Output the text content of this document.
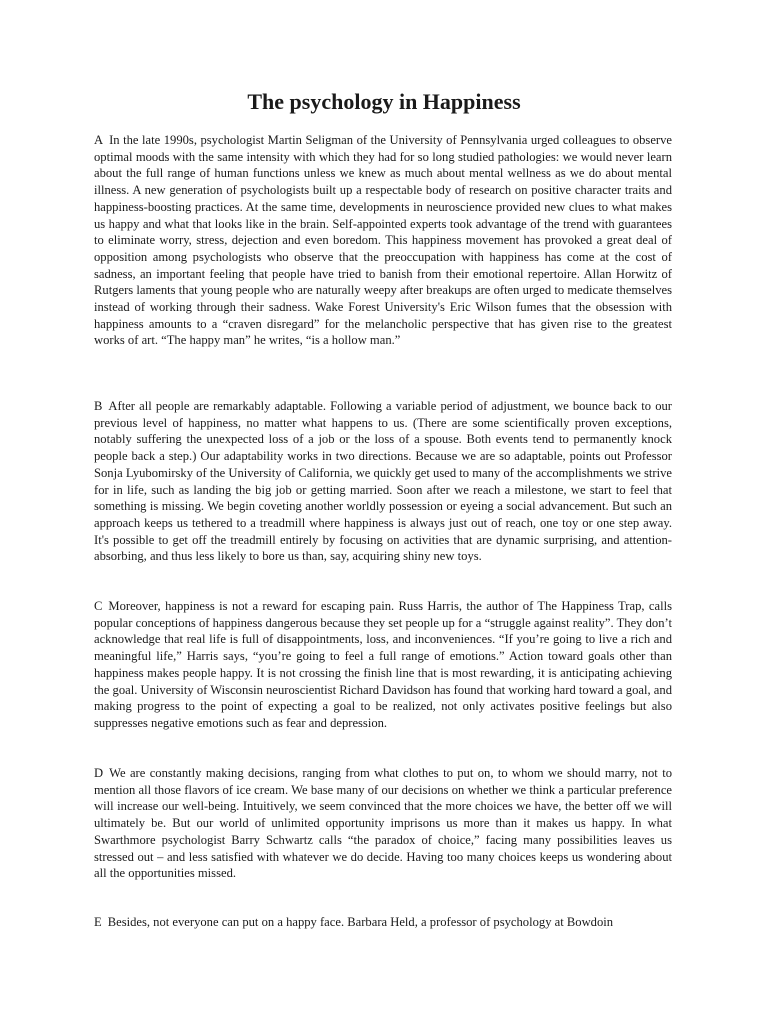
The psychology in Happiness

A In the late 1990s, psychologist Martin Seligman of the University of Pennsylvania urged colleagues to observe optimal moods with the same intensity with which they had for so long studied pathologies: we would never learn about the full range of human functions unless we knew as much about mental wellness as we do about mental illness. A new generation of psychologists built up a respectable body of research on positive character traits and happiness-boosting practices. At the same time, developments in neuroscience provided new clues to what makes us happy and what that looks like in the brain. Self-appointed experts took advantage of the trend with guarantees to eliminate worry, stress, dejection and even boredom. This happiness movement has provoked a great deal of opposition among psychologists who observe that the preoccupation with happiness has come at the cost of sadness, an important feeling that people have tried to banish from their emotional repertoire. Allan Horwitz of Rutgers laments that young people who are naturally weepy after breakups are often urged to medicate themselves instead of working through their sadness. Wake Forest University's Eric Wilson fumes that the obsession with happiness amounts to a “craven disregard” for the melancholic perspective that has given rise to the greatest works of art. “The happy man” he writes, “is a hollow man.”

B After all people are remarkably adaptable. Following a variable period of adjustment, we bounce back to our previous level of happiness, no matter what happens to us. (There are some scientifically proven exceptions, notably suffering the unexpected loss of a job or the loss of a spouse. Both events tend to permanently knock people back a step.) Our adaptability works in two directions. Because we are so adaptable, points out Professor Sonja Lyubomirsky of the University of California, we quickly get used to many of the accomplishments we strive for in life, such as landing the big job or getting married. Soon after we reach a milestone, we start to feel that something is missing. We begin coveting another worldly possession or eyeing a social advancement. But such an approach keeps us tethered to a treadmill where happiness is always just out of reach, one toy or one step away. It's possible to get off the treadmill entirely by focusing on activities that are dynamic surprising, and attention- absorbing, and thus less likely to bore us than, say, acquiring shiny new toys.

C Moreover, happiness is not a reward for escaping pain. Russ Harris, the author of The Happiness Trap, calls popular conceptions of happiness dangerous because they set people up for a “struggle against reality”. They don’t acknowledge that real life is full of disappointments, loss, and inconveniences. “If you’re going to live a rich and meaningful life,” Harris says, “you’re going to feel a full range of emotions.” Action toward goals other than happiness makes people happy. It is not crossing the finish line that is most rewarding, it is anticipating achieving the goal. University of Wisconsin neuroscientist Richard Davidson has found that working hard toward a goal, and making progress to the point of expecting a goal to be realized, not only activates positive feelings but also suppresses negative emotions such as fear and depression.

D We are constantly making decisions, ranging from what clothes to put on, to whom we should marry, not to mention all those flavors of ice cream. We base many of our decisions on whether we think a particular preference will increase our well-being. Intuitively, we seem convinced that the more choices we have, the better off we will ultimately be. But our world of unlimited opportunity imprisons us more than it makes us happy. In what Swarthmore psychologist Barry Schwartz calls “the paradox of choice,” facing many possibilities leaves us stressed out – and less satisfied with whatever we do decide. Having too many choices keeps us wondering about all the opportunities missed.

E Besides, not everyone can put on a happy face. Barbara Held, a professor of psychology at Bowdoin
